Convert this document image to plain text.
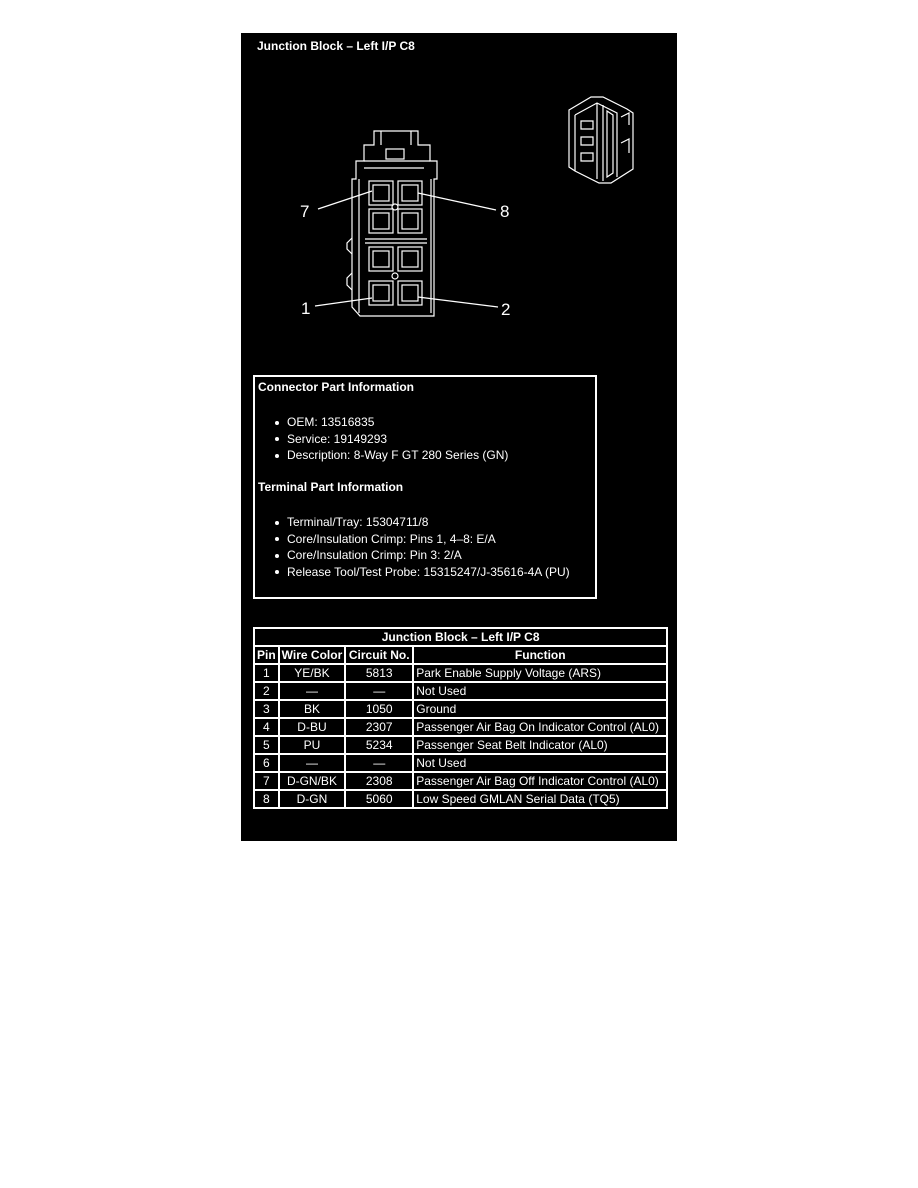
Junction Block – Left I/P C8
7	8
1	2
Connector Part Information
OEM: 13516835
Service: 19149293
Description: 8-Way F GT 280 Series (GN)
Terminal Part Information
Terminal/Tray: 15304711/8
Core/Insulation Crimp: Pins 1, 4–8: E/A
Core/Insulation Crimp: Pin 3: 2/A
Release Tool/Test Probe: 15315247/J-35616-4A (PU)
Junction Block – Left I/P C8			
Pin	Wire Color	Circuit No.	Function
1	YE/BK	5813	Park Enable Supply Voltage (ARS)
2	—	—	Not Used
3	BK	1050	Ground
4	D-BU	2307	Passenger Air Bag On Indicator Control (AL0)
5	PU	5234	Passenger Seat Belt Indicator (AL0)
6	—	—	Not Used
7	D-GN/BK	2308	Passenger Air Bag Off Indicator Control (AL0)
8	D-GN	5060	Low Speed GMLAN Serial Data (TQ5)
